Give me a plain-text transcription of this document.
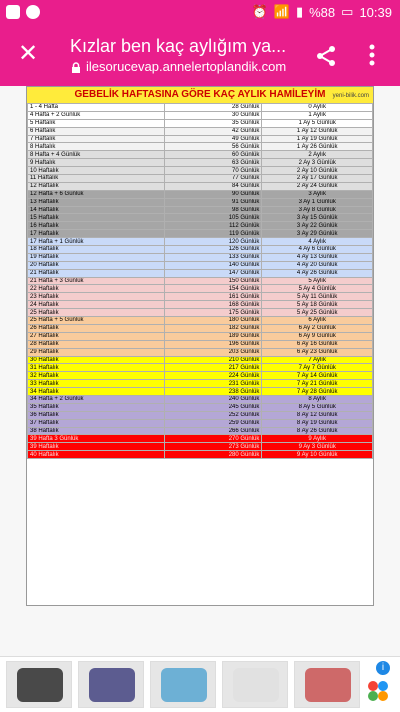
⏰ 📶 ▮ %88 ▭ 10:39
✕ Kızlar ben kaç aylığım ya...
ilesorucevap.annelertoplandik.com
GEBELİK HAFTASINA GÖRE KAÇ AYLIK HAMİLEYİM	yeni-bilik.com
1 - 4 Hafta	28 Günlük	0 Aylık
4 Hafta + 2 Günlük	30 Günlük	1 Aylık
5 Haftalık	35 Günlük	1 Ay 5 Günlük
6 Haftalık	42 Günlük	1 Ay 12 Günlük
7 Haftalık	49 Günlük	1 Ay 19 Günlük
8 Haftalık	56 Günlük	1 Ay 26 Günlük
8 Hafta + 4 Günlük	60 Günlük	2 Aylık
9 Haftalık	63 Günlük	2 Ay 3 Günlük
10 Haftalık	70 Günlük	2 Ay 10 Günlük
11 Haftalık	77 Günlük	2 Ay 17 Günlük
12 Haftalık	84 Günlük	2 Ay 24 Günlük
12 Hafta + 6 Günlük	90 Günlük	3 Aylık
13 Haftalık	91 Günlük	3 Ay 1 Günlük
14 Haftalık	98 Günlük	3 Ay 8 Günlük
15 Haftalık	105 Günlük	3 Ay 15 Günlük
16 Haftalık	112 Günlük	3 Ay 22 Günlük
17 Haftalık	119 Günlük	3 Ay 29 Günlük
17 Hafta + 1 Günlük	120 Günlük	4 Aylık
18 Haftalık	126 Günlük	4 Ay 6 Günlük
19 Haftalık	133 Günlük	4 Ay 13 Günlük
20 Haftalık	140 Günlük	4 Ay 20 Günlük
21 Haftalık	147 Günlük	4 Ay 26 Günlük
21 Hafta + 3 Günlük	150 Günlük	5 Aylık
22 Haftalık	154 Günlük	5 Ay 4 Günlük
23 Haftalık	161 Günlük	5 Ay 11 Günlük
24 Haftalık	168 Günlük	5 Ay 18 Günlük
25 Haftalık	175 Günlük	5 Ay 25 Günlük
25 Hafta + 5 Günlük	180 Günlük	6 Aylık
26 Haftalık	182 Günlük	6 Ay 2 Günlük
27 Haftalık	189 Günlük	6 Ay 9 Günlük
28 Haftalık	196 Günlük	6 Ay 16 Günlük
29 Haftalık	203 Günlük	6 Ay 23 Günlük
30 Haftalık	210 Günlük	7 Aylık
31 Haftalık	217 Günlük	7 Ay 7 Günlük
32 Haftalık	224 Günlük	7 Ay 14 Günlük
33 Haftalık	231 Günlük	7 Ay 21 Günlük
34 Haftalık	238 Günlük	7 Ay 28 Günlük
34 Hafta + 2 Günlük	240 Günlük	8 Aylık
35 Haftalık	245 Günlük	8 Ay 5 Günlük
36 Haftalık	252 Günlük	8 Ay 12 Günlük
37 Haftalık	259 Günlük	8 Ay 19 Günlük
38 Haftalık	266 Günlük	8 Ay 26 Günlük
39 Hafta 3 Günlük	270 Günlük	9 Aylık
39 Haftalık	273 Günlük	9 Ay 3 Günlük
40 Haftalık	280 Günlük	9 Ay 10 Günlük
i
